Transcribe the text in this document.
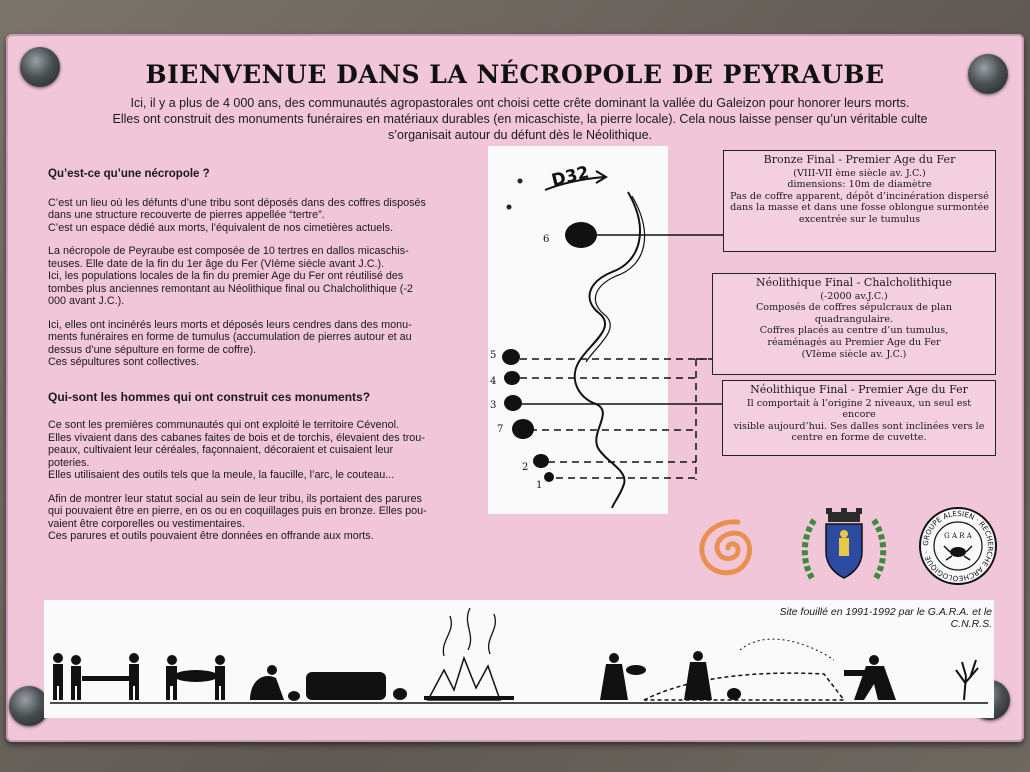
BIENVENUE DANS LA NÉCROPOLE DE PEYRAUBE

Ici, il y a plus de 4 000 ans, des communautés agropastorales ont choisi cette crête dominant la vallée du Galeizon pour honorer leurs morts.
Elles ont construit des monuments funéraires en matériaux durables (en micaschiste, la pierre locale). Cela nous laisse penser qu’un véritable culte
s’organisait autour du défunt dès le Néolithique.

Qu’est-ce qu’une nécropole ?

C’est un lieu où les défunts d’une tribu sont déposés dans des coffres disposés
dans une structure recouverte de pierres appellée “tertre”.
C’est un espace dédié aux morts, l’équivalent de nos cimetières actuels.

La nécropole de Peyraube est composée de 10 tertres en dallos micaschis-
teuses. Elle date de la fin du 1er âge du Fer (VIème siècle avant J.C.).
Ici, les populations locales de la fin du premier Age du Fer ont réutilisé des
tombes plus anciennes remontant au Néolithique final ou Chalcholithique (-2
000 avant J.C.).

Ici, elles ont incinérés leurs morts et déposés leurs cendres dans des monu-
ments funéraires en forme de tumulus (accumulation de pierres autour et au
dessus d’une sépulture en forme de coffre).
Ces sépultures sont collectives.

Qui-sont les hommes qui ont construit ces monuments?

Ce sont les premières communautés qui ont exploité le territoire Cévenol.
Elles vivaient dans des cabanes faites de bois et de torchis, élevaient des trou-
peaux, cultivaient leur céréales, façonnaient, décoraient et cuisaient leur poteries.
Elles utilisaient des outils tels que la meule, la faucille, l’arc, le couteau...

Afin de montrer leur statut social au sein de leur tribu, ils portaient des parures
qui pouvaient être en pierre, en os ou en coquillages puis en bronze. Elles pou-
vaient être corporelles ou vestimentaires.
Ces parures et outils pouvaient être données en offrande aux morts.

D32
6
5
4
3
7
2
1
Bronze Final - Premier Age du Fer
(VIII-VII ème siècle av. J.C.)
dimensions: 10m de diamètre
Pas de coffre apparent, dépôt d’incinération dispersé
dans la masse et dans une fosse oblongue surmontée
excentrée sur le tumulus
Néolithique Final - Chalcholithique
(-2000 av.J.C.)
Composés de coffres sépulcraux de plan quadrangulaire.
Coffres placés au centre d’un tumulus,
réaménagés au Premier Age du Fer
(VIème siècle av. J.C.)
Néolithique Final - Premier Age du Fer
Il comportait à l’origine 2 niveaux, un seul est encore
visible aujourd’hui. Ses dalles sont inclinées vers le
centre en forme de cuvette.
GROUPE ALESIEN · RECHERCHE ARCHEOLOGIQUE ·
G A R A
Site fouillé en 1991-1992 par le G.A.R.A. et le C.N.R.S.
